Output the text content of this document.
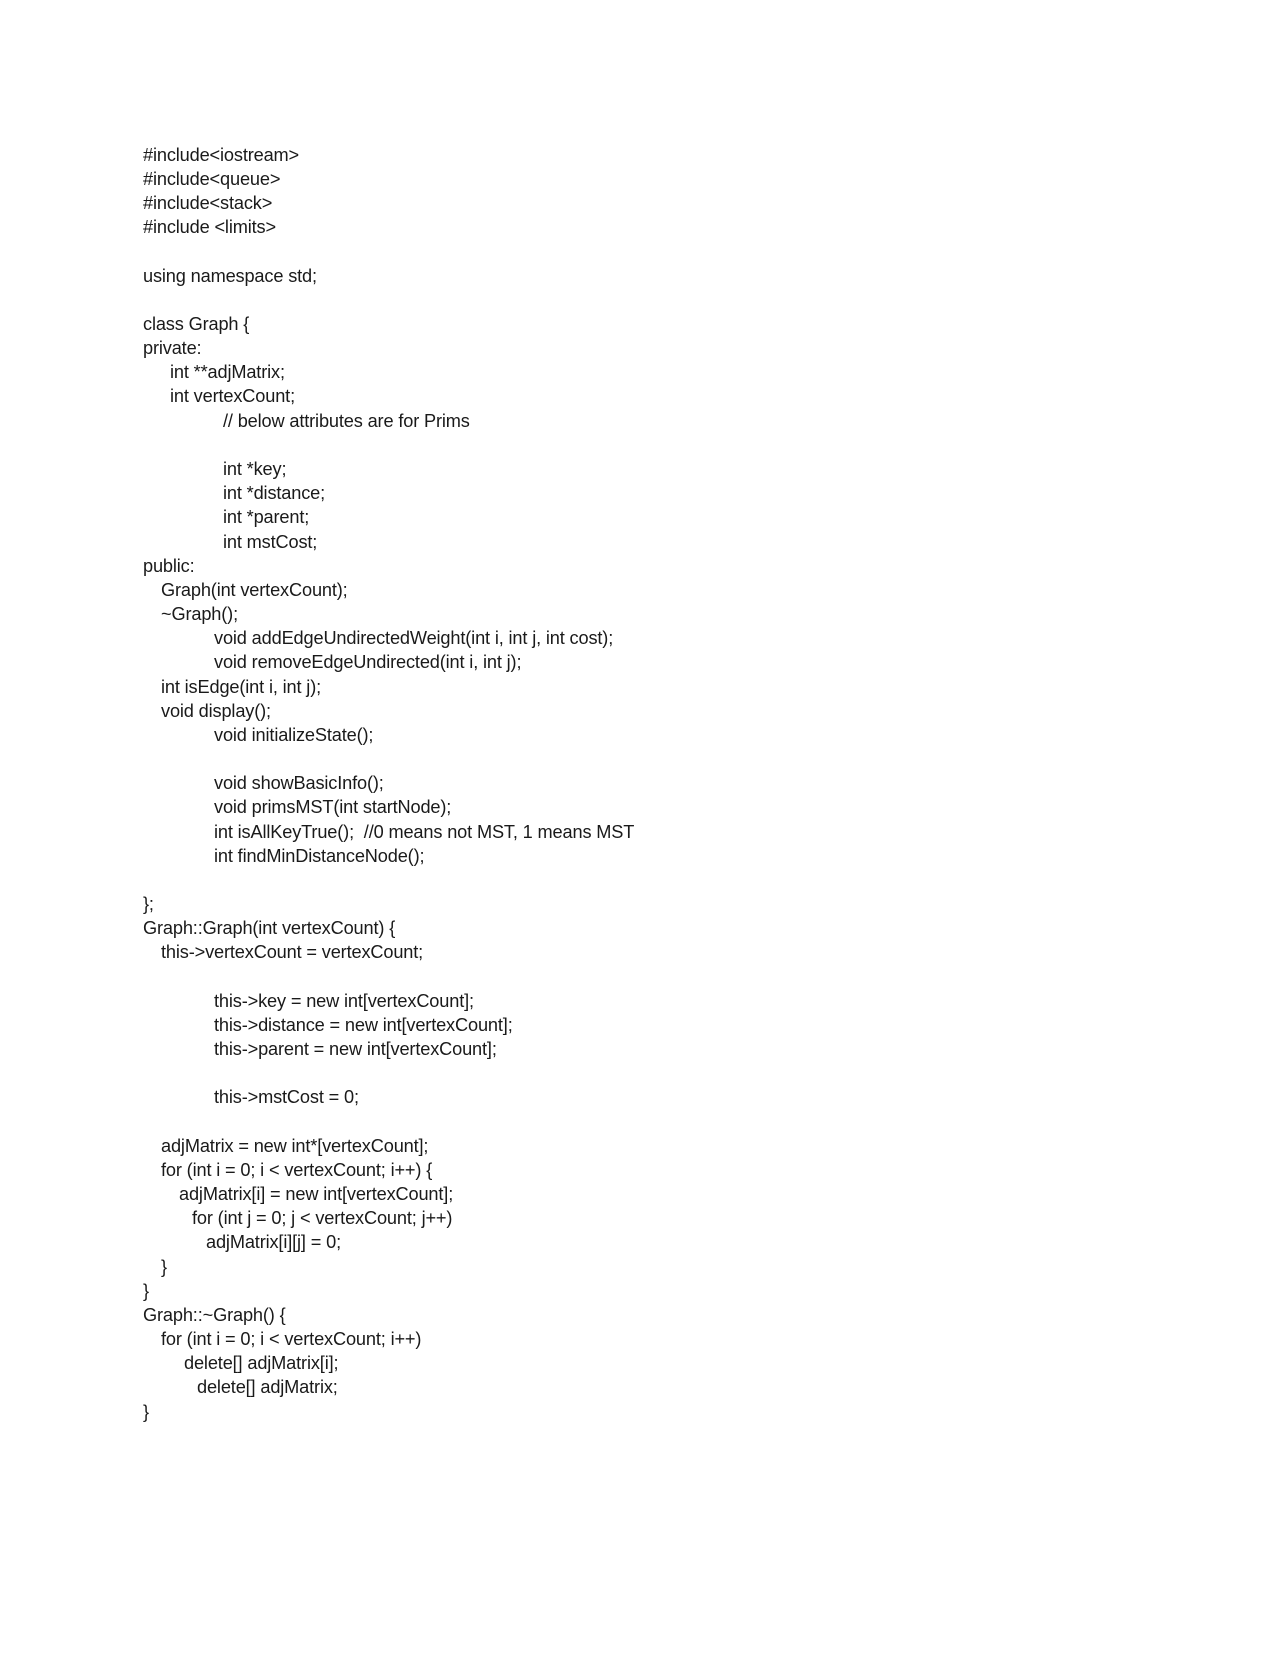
#include<iostream>
#include<queue>
#include<stack>
#include <limits>
using namespace std;
class Graph {
private:
int **adjMatrix;
int vertexCount;
// below attributes are for Prims
int *key;
int *distance;
int *parent;
int mstCost;
public:
Graph(int vertexCount);
~Graph();
void addEdgeUndirectedWeight(int i, int j, int cost);
void removeEdgeUndirected(int i, int j);
int isEdge(int i, int j);
void display();
void initializeState();
void showBasicInfo();
void primsMST(int startNode);
int isAllKeyTrue();  //0 means not MST, 1 means MST
int findMinDistanceNode();
};
Graph::Graph(int vertexCount) {
this->vertexCount = vertexCount;
this->key = new int[vertexCount];
this->distance = new int[vertexCount];
this->parent = new int[vertexCount];
this->mstCost = 0;
adjMatrix = new int*[vertexCount];
for (int i = 0; i < vertexCount; i++) {
adjMatrix[i] = new int[vertexCount];
for (int j = 0; j < vertexCount; j++)
adjMatrix[i][j] = 0;
}
}
Graph::~Graph() {
for (int i = 0; i < vertexCount; i++)
delete[] adjMatrix[i];
delete[] adjMatrix;
}
